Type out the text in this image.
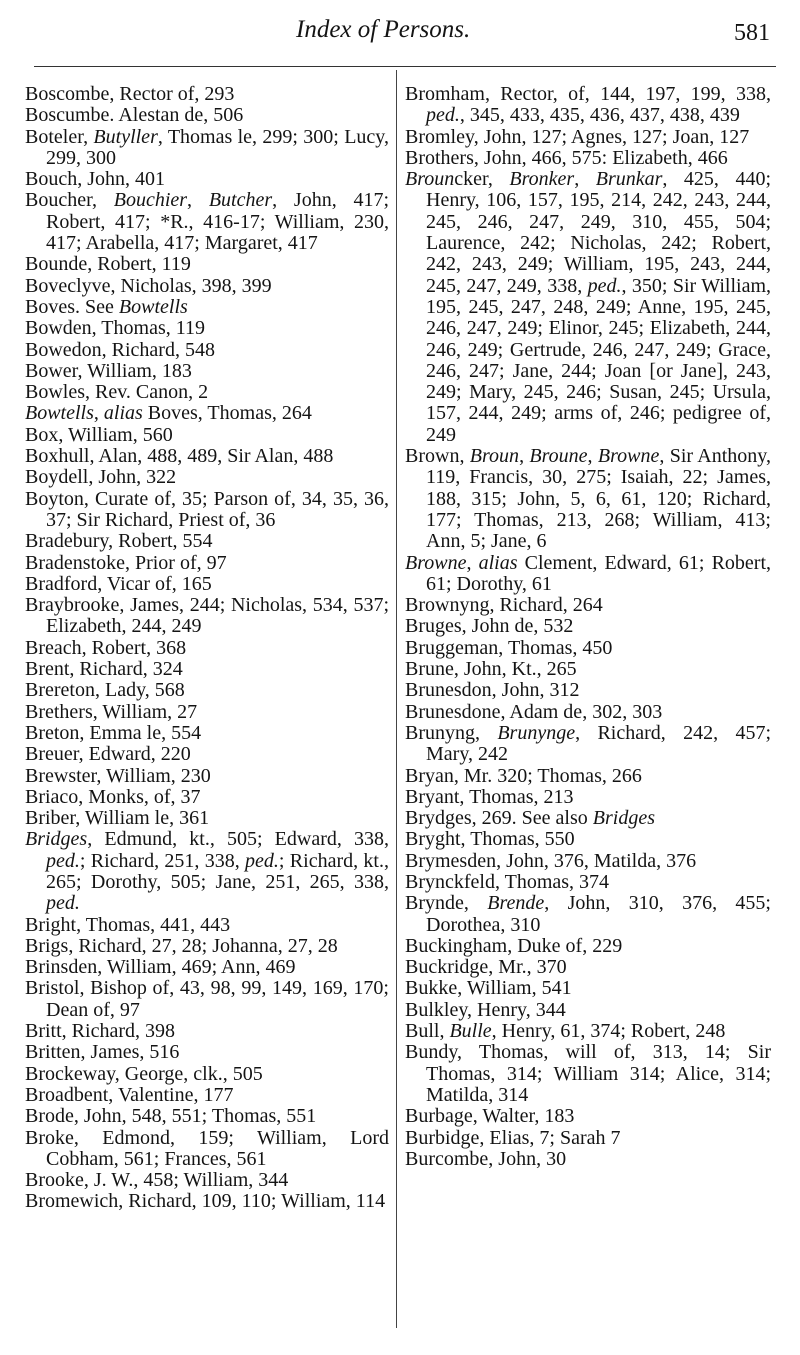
Index of Persons.	581
Boscombe, Rector of, 293
Boscumbe. Alestan de, 506
Boteler, Butyller, Thomas le, 299; 300; Lucy, 299, 300
Bouch, John, 401
Boucher, Bouchier, Butcher, John, 417; Robert, 417; *R., 416-17; William, 230, 417; Arabella, 417; Margaret, 417
Bounde, Robert, 119
Boveclyve, Nicholas, 398, 399
Boves. See Bowtells
Bowden, Thomas, 119
Bowedon, Richard, 548
Bower, William, 183
Bowles, Rev. Canon, 2
Bowtells, alias Boves, Thomas, 264
Box, William, 560
Boxhull, Alan, 488, 489, Sir Alan, 488
Boydell, John, 322
Boyton, Curate of, 35; Parson of, 34, 35, 36, 37; Sir Richard, Priest of, 36
Bradebury, Robert, 554
Bradenstoke, Prior of, 97
Bradford, Vicar of, 165
Braybrooke, James, 244; Nicholas, 534, 537; Elizabeth, 244, 249
Breach, Robert, 368
Brent, Richard, 324
Brereton, Lady, 568
Brethers, William, 27
Breton, Emma le, 554
Breuer, Edward, 220
Brewster, William, 230
Briaco, Monks, of, 37
Briber, William le, 361
Bridges, Edmund, kt., 505; Edward, 338, ped.; Richard, 251, 338, ped.; Richard, kt., 265; Dorothy, 505; Jane, 251, 265, 338, ped.
Bright, Thomas, 441, 443
Brigs, Richard, 27, 28; Johanna, 27, 28
Brinsden, William, 469; Ann, 469
Bristol, Bishop of, 43, 98, 99, 149, 169, 170; Dean of, 97
Britt, Richard, 398
Britten, James, 516
Brockeway, George, clk., 505
Broadbent, Valentine, 177
Brode, John, 548, 551; Thomas, 551
Broke, Edmond, 159; William, Lord Cobham, 561; Frances, 561
Brooke, J. W., 458; William, 344
Bromewich, Richard, 109, 110; William, 114
Bromham, Rector, of, 144, 197, 199, 338, ped., 345, 433, 435, 436, 437, 438, 439
Bromley, John, 127; Agnes, 127; Joan, 127
Brothers, John, 466, 575: Elizabeth, 466
Brouncker, Bronker, Brunkar, 425, 440; Henry, 106, 157, 195, 214, 242, 243, 244, 245, 246, 247, 249, 310, 455, 504; Laurence, 242; Nicholas, 242; Robert, 242, 243, 249; William, 195, 243, 244, 245, 247, 249, 338, ped., 350; Sir William, 195, 245, 247, 248, 249; Anne, 195, 245, 246, 247, 249; Elinor, 245; Elizabeth, 244, 246, 249; Gertrude, 246, 247, 249; Grace, 246, 247; Jane, 244; Joan [or Jane], 243, 249; Mary, 245, 246; Susan, 245; Ursula, 157, 244, 249; arms of, 246; pedigree of, 249
Brown, Broun, Broune, Browne, Sir Anthony, 119, Francis, 30, 275; Isaiah, 22; James, 188, 315; John, 5, 6, 61, 120; Richard, 177; Thomas, 213, 268; William, 413; Ann, 5; Jane, 6
Browne, alias Clement, Edward, 61; Robert, 61; Dorothy, 61
Brownyng, Richard, 264
Bruges, John de, 532
Bruggeman, Thomas, 450
Brune, John, Kt., 265
Brunesdon, John, 312
Brunesdone, Adam de, 302, 303
Brunyng, Brunynge, Richard, 242, 457; Mary, 242
Bryan, Mr. 320; Thomas, 266
Bryant, Thomas, 213
Brydges, 269. See also Bridges
Bryght, Thomas, 550
Brymesden, John, 376, Matilda, 376
Brynckfeld, Thomas, 374
Brynde, Brende, John, 310, 376, 455; Dorothea, 310
Buckingham, Duke of, 229
Buckridge, Mr., 370
Bukke, William, 541
Bulkley, Henry, 344
Bull, Bulle, Henry, 61, 374; Robert, 248
Bundy, Thomas, will of, 313, 14; Sir Thomas, 314; William 314; Alice, 314; Matilda, 314
Burbage, Walter, 183
Burbidge, Elias, 7; Sarah 7
Burcombe, John, 30
